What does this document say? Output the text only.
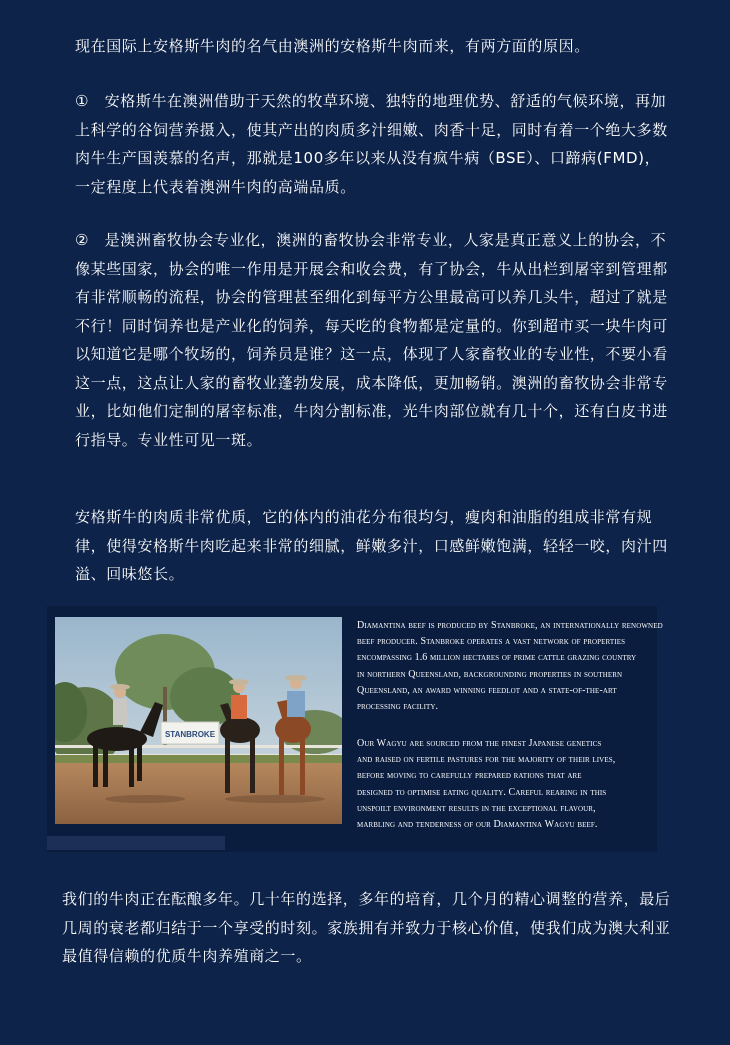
现在国际上安格斯牛肉的名气由澳洲的安格斯牛肉而来，有两方面的原因。

①　安格斯牛在澳洲借助于天然的牧草环境、独特的地理优势、舒适的气候环境，再加上科学的谷饲营养摄入，使其产出的肉质多汁细嫩、肉香十足，同时有着一个绝大多数肉牛生产国羡慕的名声，那就是100多年以来从没有疯牛病（BSE）、口蹄病(FMD)，一定程度上代表着澳洲牛肉的高端品质。

②　是澳洲畜牧协会专业化，澳洲的畜牧协会非常专业，人家是真正意义上的协会，不像某些国家，协会的唯一作用是开展会和收会费，有了协会，牛从出栏到屠宰到管理都有非常顺畅的流程，协会的管理甚至细化到每平方公里最高可以养几头牛，超过了就是不行！同时饲养也是产业化的饲养，每天吃的食物都是定量的。你到超市买一块牛肉可以知道它是哪个牧场的，饲养员是谁？这一点，体现了人家畜牧业的专业性，不要小看这一点，这点让人家的畜牧业蓬勃发展，成本降低，更加畅销。澳洲的畜牧协会非常专业，比如他们定制的屠宰标准，牛肉分割标准，光牛肉部位就有几十个，还有白皮书进行指导。专业性可见一斑。

安格斯牛的肉质非常优质，它的体内的油花分布很均匀，瘦肉和油脂的组成非常有规律，使得安格斯牛肉吃起来非常的细腻，鲜嫩多汁，口感鲜嫩饱满，轻轻一咬，肉汁四溢、回味悠长。

STANBROKE

Diamantina beef is produced by Stanbroke, an internationally renowned
beef producer. Stanbroke operates a vast network of properties
encompassing 1.6 million hectares of prime cattle grazing country
in northern Queensland, backgrounding properties in southern
Queensland, an award winning feedlot and a state-of-the-art
processing facility.

Our Wagyu are sourced from the finest Japanese genetics
and raised on fertile pastures for the majority of their lives,
before moving to carefully prepared rations that are
designed to optimise eating quality. Careful rearing in this
unspoilt environment results in the exceptional flavour,
marbling and tenderness of our Diamantina Wagyu beef.

我们的牛肉正在酝酿多年。几十年的选择，多年的培育，几个月的精心调整的营养，最后几周的衰老都归结于一个享受的时刻。家族拥有并致力于核心价值，使我们成为澳大利亚最值得信赖的优质牛肉养殖商之一。
